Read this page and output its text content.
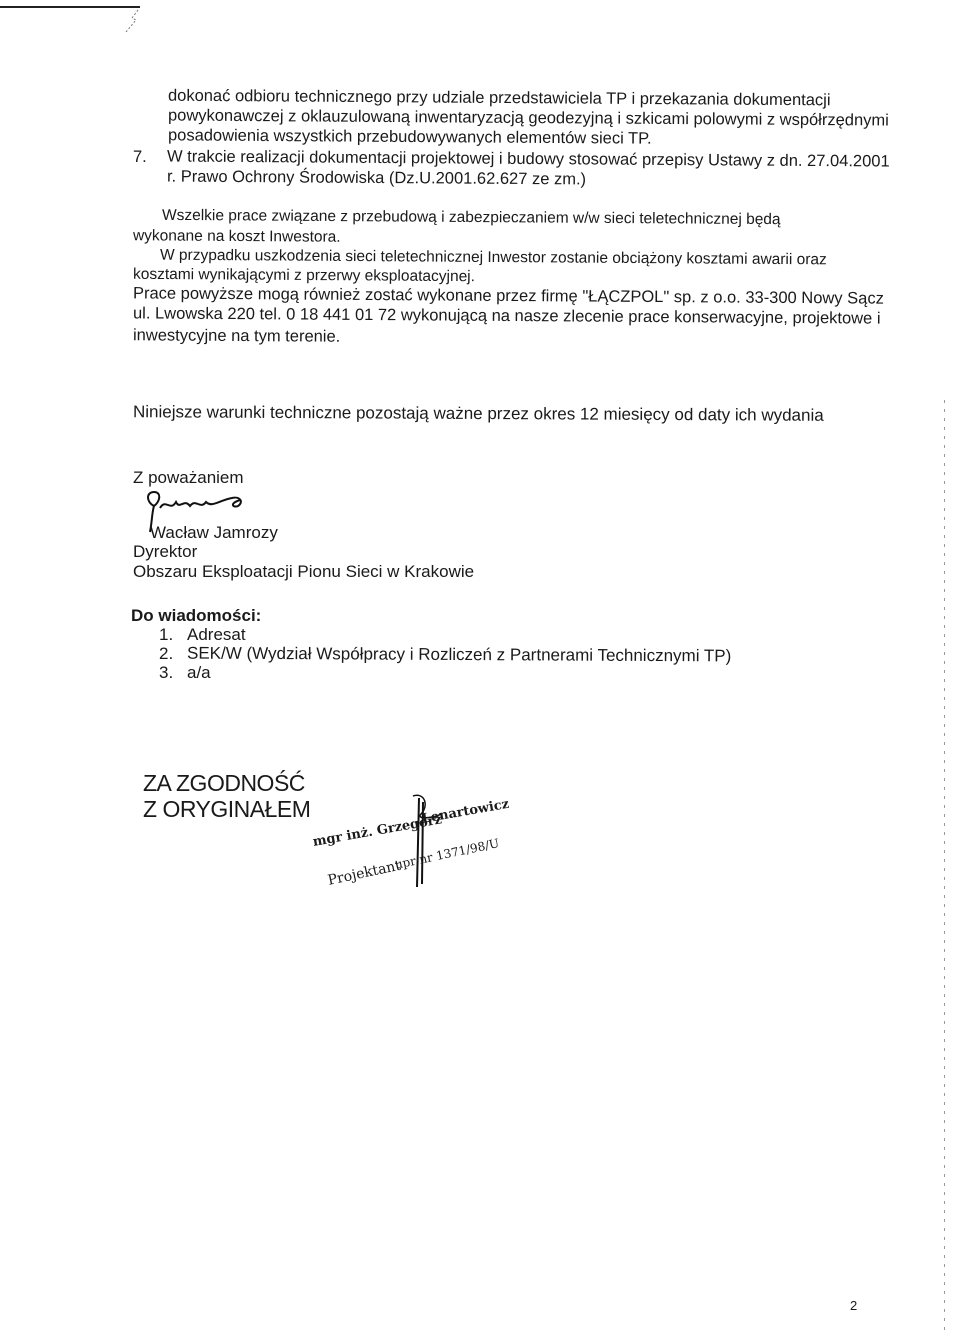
dokonać odbioru technicznego przy udziale przedstawiciela TP i przekazania dokumentacji
powykonawczej z oklauzulowaną inwentaryzacją geodezyjną i szkicami polowymi z współrzędnymi
posadowienia wszystkich przebudowywanych elementów sieci TP.
7. W trakcie realizacji dokumentacji projektowej i budowy stosować przepisy Ustawy z dn. 27.04.2001
r. Prawo Ochrony Środowiska (Dz.U.2001.62.627 ze zm.)
Wszelkie prace związane z przebudową i zabezpieczaniem w/w sieci teletechnicznej będą
wykonane na koszt Inwestora.
W przypadku uszkodzenia sieci teletechnicznej Inwestor zostanie obciążony kosztami awarii oraz
kosztami wynikającymi z przerwy eksploatacyjnej.
Prace powyższe mogą również zostać wykonane przez firmę "ŁĄCZPOL" sp. z o.o. 33-300 Nowy Sącz
ul. Lwowska 220 tel. 0 18 441 01 72 wykonującą na nasze zlecenie prace konserwacyjne, projektowe i
inwestycyjne na tym terenie.
Niniejsze warunki techniczne pozostają ważne przez okres 12 miesięcy od daty ich wydania
Z poważaniem
Wacław Jamrozy
Dyrektor
Obszaru Eksploatacji Pionu Sieci w Krakowie
Do wiadomości:
1. Adresat
2. SEK/W (Wydział Współpracy i Rozliczeń z Partnerami Technicznymi TP)
3. a/a
ZA ZGODNOŚĆ
Z ORYGINAŁEM
mgr inż. Grzegorz
Lenartowicz
Projektant
upr nr 1371/98/U
2
